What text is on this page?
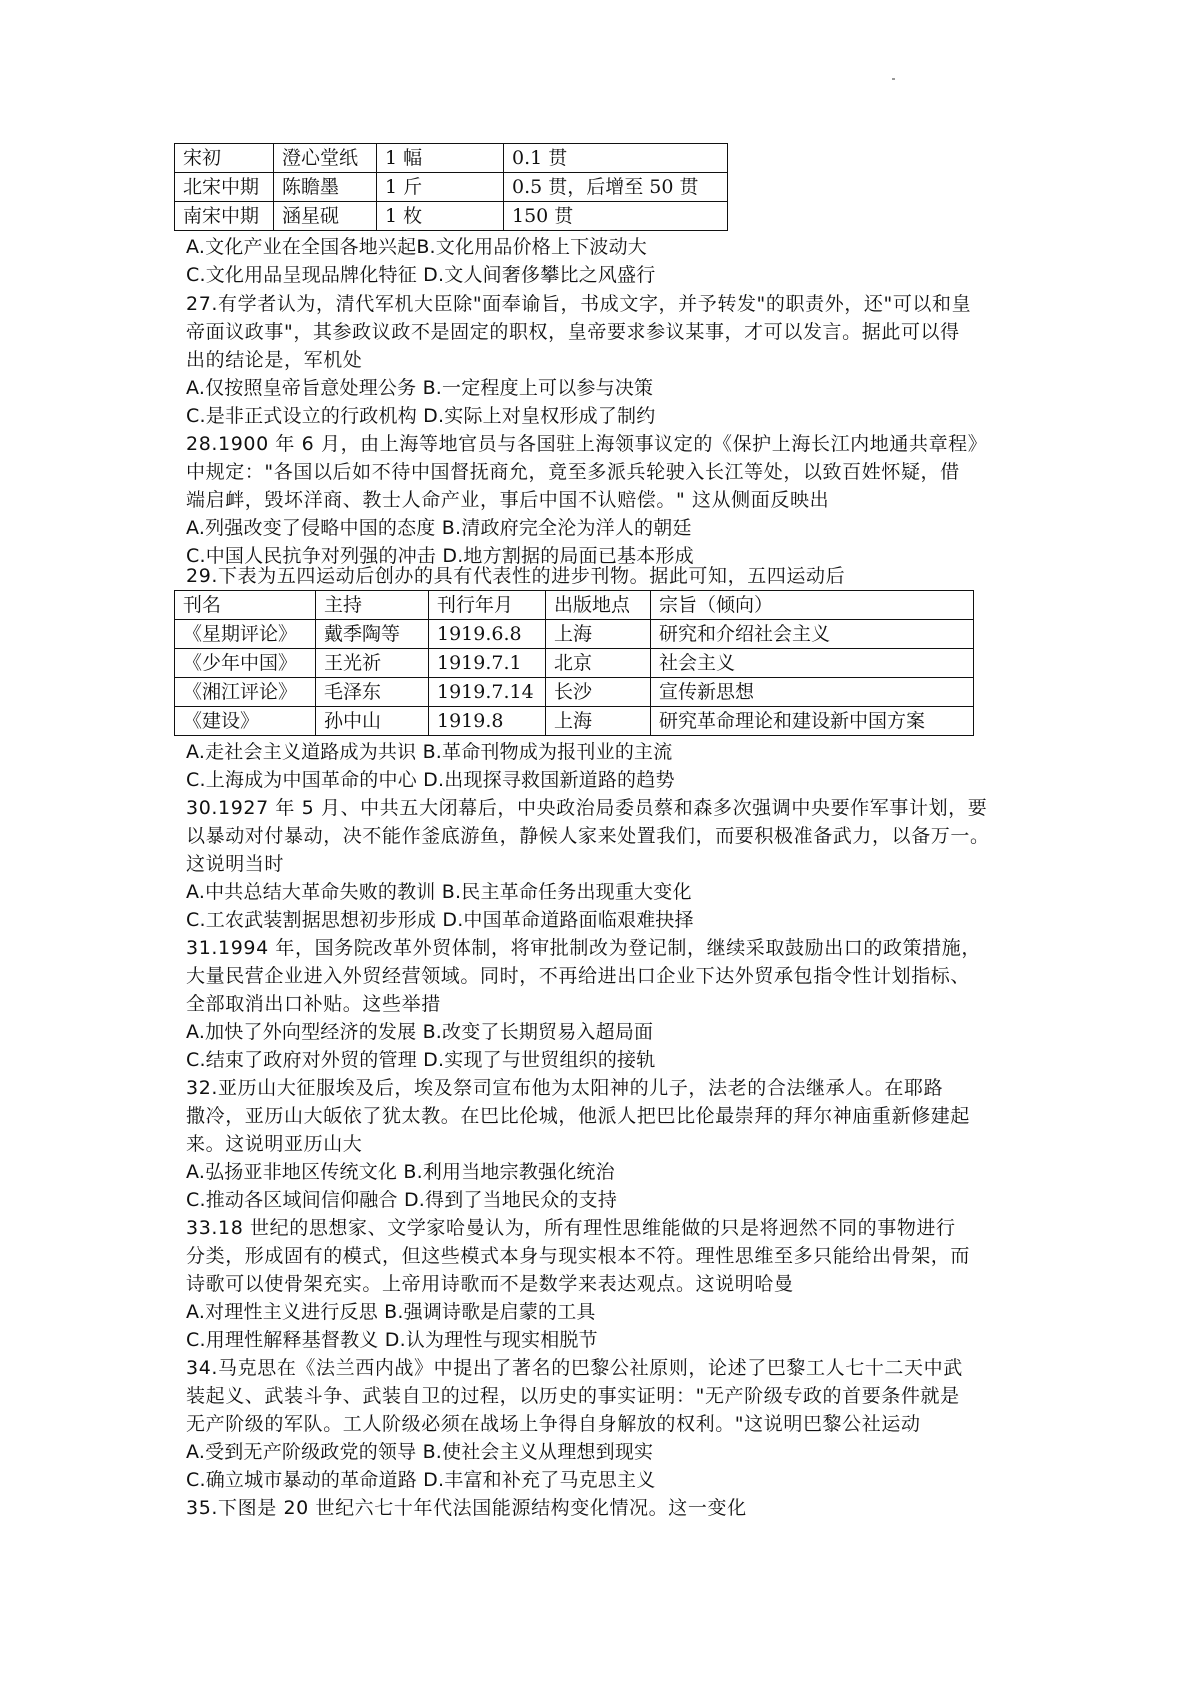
宋初	澄心堂纸	1 幅	0.1 贯
北宋中期	陈瞻墨	1 斤	0.5 贯，后增至 50 贯
南宋中期	涵星砚	1 枚	150 贯
A.文化产业在全国各地兴起B.文化用品价格上下波动大
C.文化用品呈现品牌化特征 D.文人间奢侈攀比之风盛行
27.有学者认为，清代军机大臣除"面奉谕旨，书成文字，并予转发"的职责外，还"可以和皇
帝面议政事"，其参政议政不是固定的职权，皇帝要求参议某事，才可以发言。据此可以得
出的结论是，军机处
A.仅按照皇帝旨意处理公务 B.一定程度上可以参与决策
C.是非正式设立的行政机构 D.实际上对皇权形成了制约
28.1900 年 6 月，由上海等地官员与各国驻上海领事议定的《保护上海长江内地通共章程》
中规定："各国以后如不待中国督抚商允，竟至多派兵轮驶入长江等处，以致百姓怀疑，借
端启衅，毁坏洋商、教士人命产业，事后中国不认赔偿。" 这从侧面反映出
A.列强改变了侵略中国的态度 B.清政府完全沦为洋人的朝廷
C.中国人民抗争对列强的冲击 D.地方割据的局面已基本形成
29.下表为五四运动后创办的具有代表性的进步刊物。据此可知，五四运动后
刊名	主持	刊行年月	出版地点	宗旨（倾向）
《星期评论》	戴季陶等	1919.6.8	上海	研究和介绍社会主义
《少年中国》	王光祈	1919.7.1	北京	社会主义
《湘江评论》	毛泽东	1919.7.14	长沙	宣传新思想
《建设》	孙中山	1919.8	上海	研究革命理论和建设新中国方案
A.走社会主义道路成为共识 B.革命刊物成为报刊业的主流
C.上海成为中国革命的中心 D.出现探寻救国新道路的趋势
30.1927 年 5 月、中共五大闭幕后，中央政治局委员蔡和森多次强调中央要作军事计划，要
以暴动对付暴动，决不能作釜底游鱼，静候人家来处置我们，而要积极准备武力，以备万一。
这说明当时
A.中共总结大革命失败的教训 B.民主革命任务出现重大变化
C.工农武装割据思想初步形成 D.中国革命道路面临艰难抉择
31.1994 年，国务院改革外贸体制，将审批制改为登记制，继续采取鼓励出口的政策措施，
大量民营企业进入外贸经营领域。同时，不再给进出口企业下达外贸承包指令性计划指标、
全部取消出口补贴。这些举措
A.加快了外向型经济的发展 B.改变了长期贸易入超局面
C.结束了政府对外贸的管理 D.实现了与世贸组织的接轨
32.亚历山大征服埃及后，埃及祭司宣布他为太阳神的儿子，法老的合法继承人。在耶路
撒冷，亚历山大皈依了犹太教。在巴比伦城，他派人把巴比伦最崇拜的拜尔神庙重新修建起
来。这说明亚历山大
A.弘扬亚非地区传统文化 B.利用当地宗教强化统治
C.推动各区域间信仰融合 D.得到了当地民众的支持
33.18 世纪的思想家、文学家哈曼认为，所有理性思维能做的只是将迥然不同的事物进行
分类，形成固有的模式，但这些模式本身与现实根本不符。理性思维至多只能给出骨架，而
诗歌可以使骨架充实。上帝用诗歌而不是数学来表达观点。这说明哈曼
A.对理性主义进行反思 B.强调诗歌是启蒙的工具
C.用理性解释基督教义 D.认为理性与现实相脱节
34.马克思在《法兰西内战》中提出了著名的巴黎公社原则，论述了巴黎工人七十二天中武
装起义、武装斗争、武装自卫的过程，以历史的事实证明："无产阶级专政的首要条件就是
无产阶级的军队。工人阶级必须在战场上争得自身解放的权利。"这说明巴黎公社运动
A.受到无产阶级政党的领导 B.使社会主义从理想到现实
C.确立城市暴动的革命道路 D.丰富和补充了马克思主义
35.下图是 20 世纪六七十年代法国能源结构变化情况。这一变化
